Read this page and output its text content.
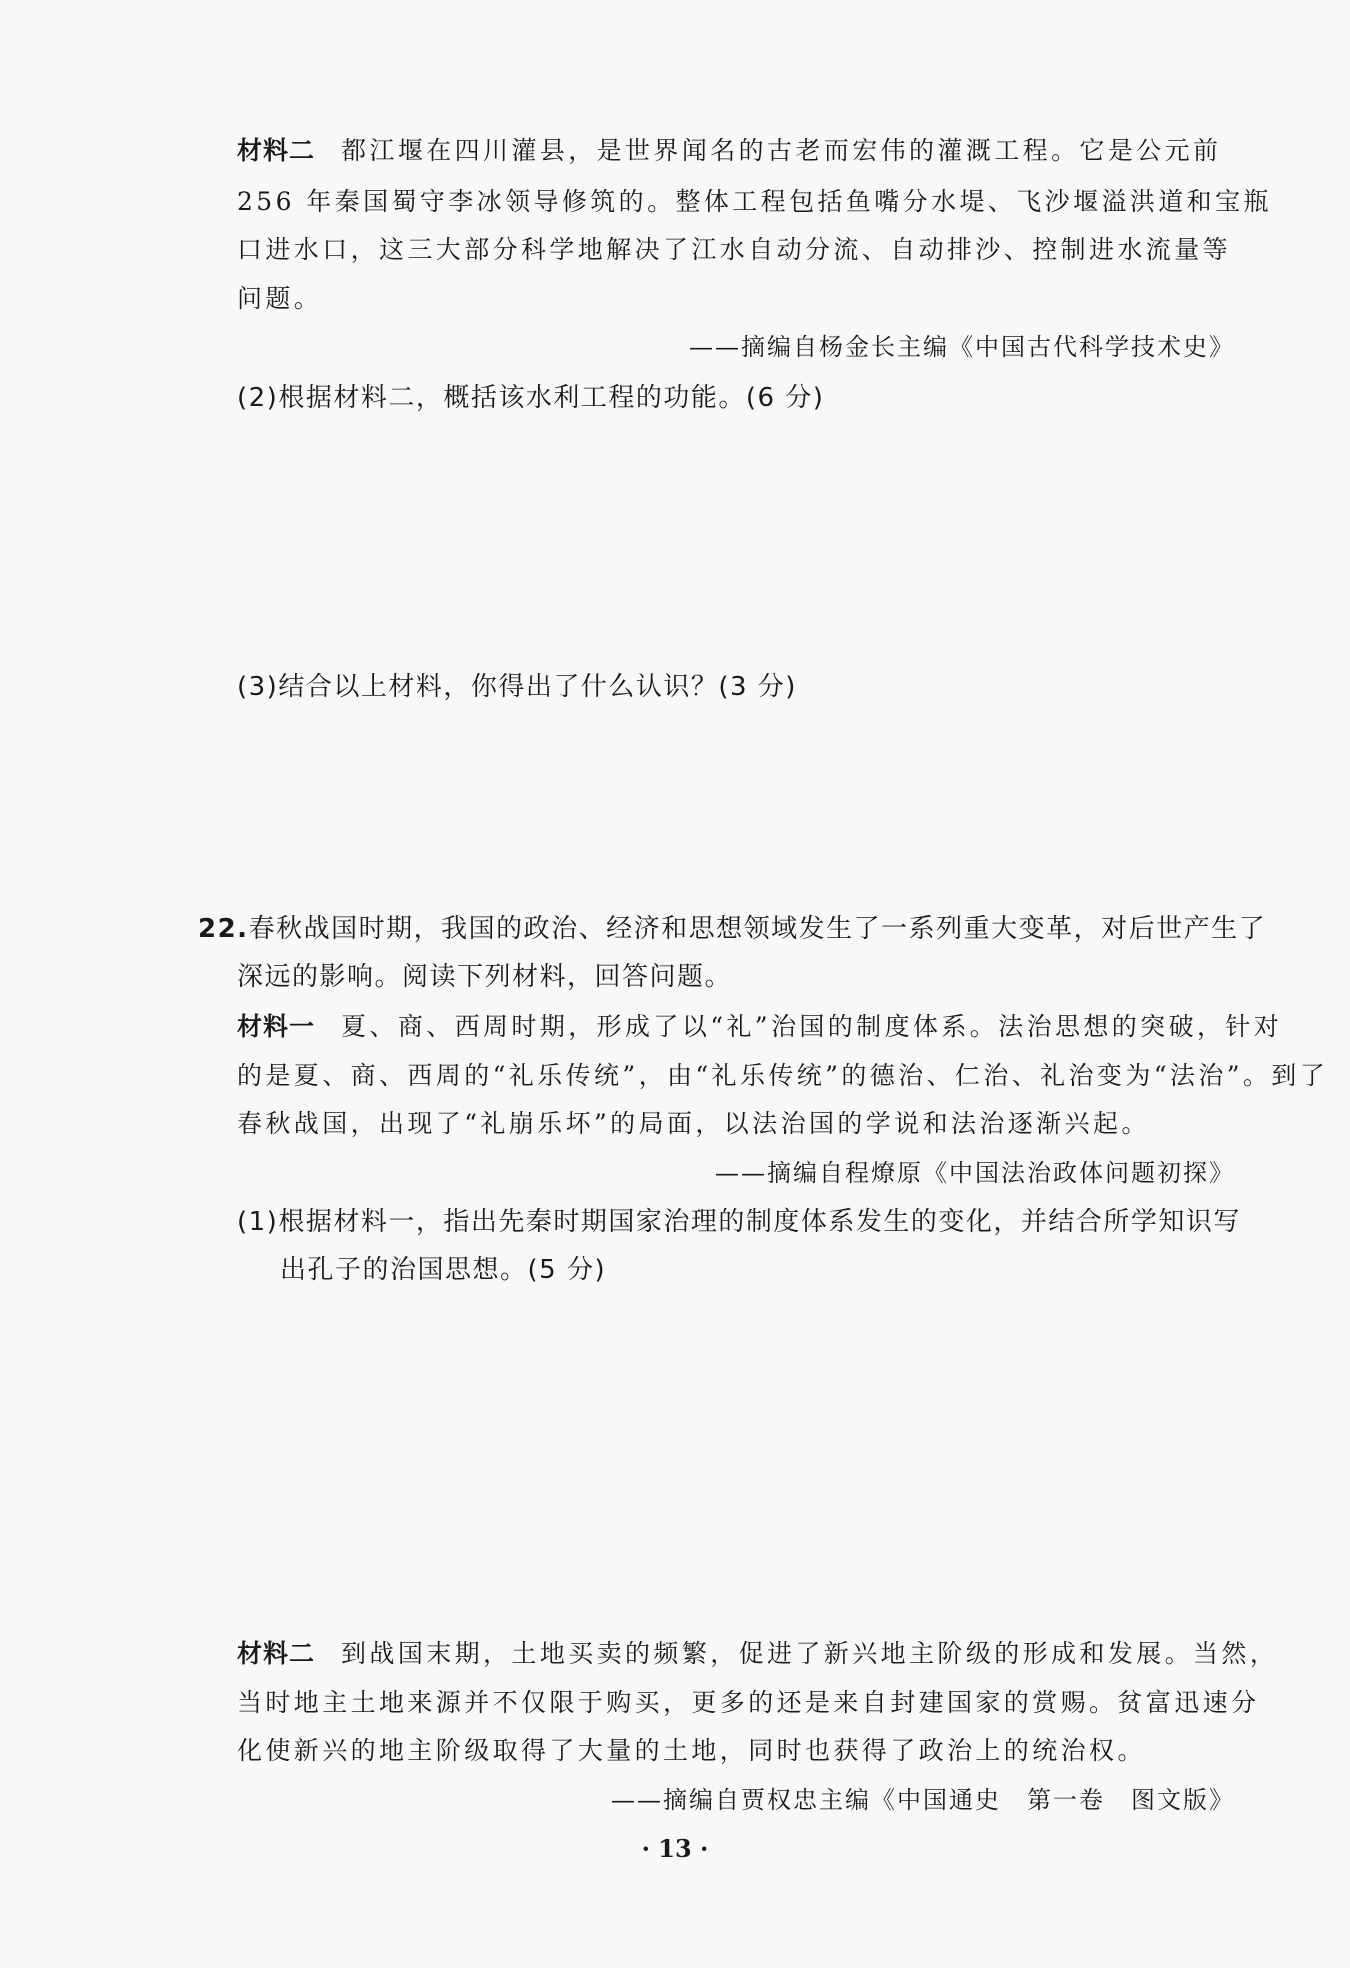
材料二 都江堰在四川灌县，是世界闻名的古老而宏伟的灌溉工程。它是公元前
256 年秦国蜀守李冰领导修筑的。整体工程包括鱼嘴分水堤、飞沙堰溢洪道和宝瓶
口进水口，这三大部分科学地解决了江水自动分流、自动排沙、控制进水流量等
问题。
——摘编自杨金长主编《中国古代科学技术史》
(2)根据材料二，概括该水利工程的功能。(6 分)
(3)结合以上材料，你得出了什么认识？(3 分)
22.春秋战国时期，我国的政治、经济和思想领域发生了一系列重大变革，对后世产生了
深远的影响。阅读下列材料，回答问题。
材料一 夏、商、西周时期，形成了以“礼”治国的制度体系。法治思想的突破，针对
的是夏、商、西周的“礼乐传统”，由“礼乐传统”的德治、仁治、礼治变为“法治”。到了
春秋战国，出现了“礼崩乐坏”的局面，以法治国的学说和法治逐渐兴起。
——摘编自程燎原《中国法治政体问题初探》
(1)根据材料一，指出先秦时期国家治理的制度体系发生的变化，并结合所学知识写
出孔子的治国思想。(5 分)
材料二 到战国末期，土地买卖的频繁，促进了新兴地主阶级的形成和发展。当然，
当时地主土地来源并不仅限于购买，更多的还是来自封建国家的赏赐。贫富迅速分
化使新兴的地主阶级取得了大量的土地，同时也获得了政治上的统治权。
——摘编自贾权忠主编《中国通史　第一卷　图文版》
· 13 ·
